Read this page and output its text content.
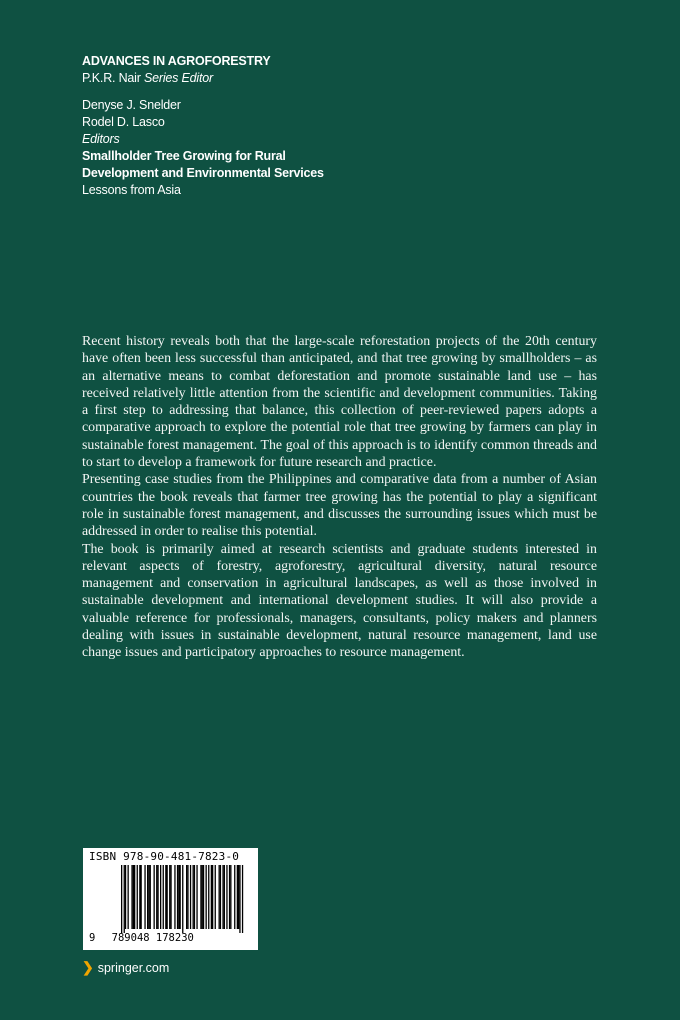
ADVANCES IN AGROFORESTRY
P.K.R. Nair Series Editor
Denyse J. Snelder
Rodel D. Lasco
Editors
Smallholder Tree Growing for Rural
Development and Environmental Services
Lessons from Asia

Recent history reveals both that the large-scale reforestation projects of the 20th century have often been less successful than anticipated, and that tree growing by smallholders – as an alternative means to combat deforestation and promote sustainable land use – has received relatively little attention from the scientific and development communities. Taking a first step to addressing that balance, this collection of peer-reviewed papers adopts a comparative approach to explore the potential role that tree growing by farmers can play in sustainable forest management. The goal of this approach is to identify common threads and to start to develop a framework for future research and practice.

Presenting case studies from the Philippines and comparative data from a number of Asian countries the book reveals that farmer tree growing has the potential to play a significant role in sustainable forest management, and discusses the surrounding issues which must be addressed in order to realise this potential.

The book is primarily aimed at research scientists and graduate students interested in relevant aspects of forestry, agroforestry, agricultural diversity, natural resource management and conservation in agricultural landscapes, as well as those involved in sustainable development and international development studies. It will also provide a valuable reference for professionals, managers, consultants, policy makers and planners dealing with issues in sustainable development, natural resource management, land use change issues and participatory approaches to resource management.

ISBN 978-90-481-7823-0
9 789048 178230
❯ springer.com
